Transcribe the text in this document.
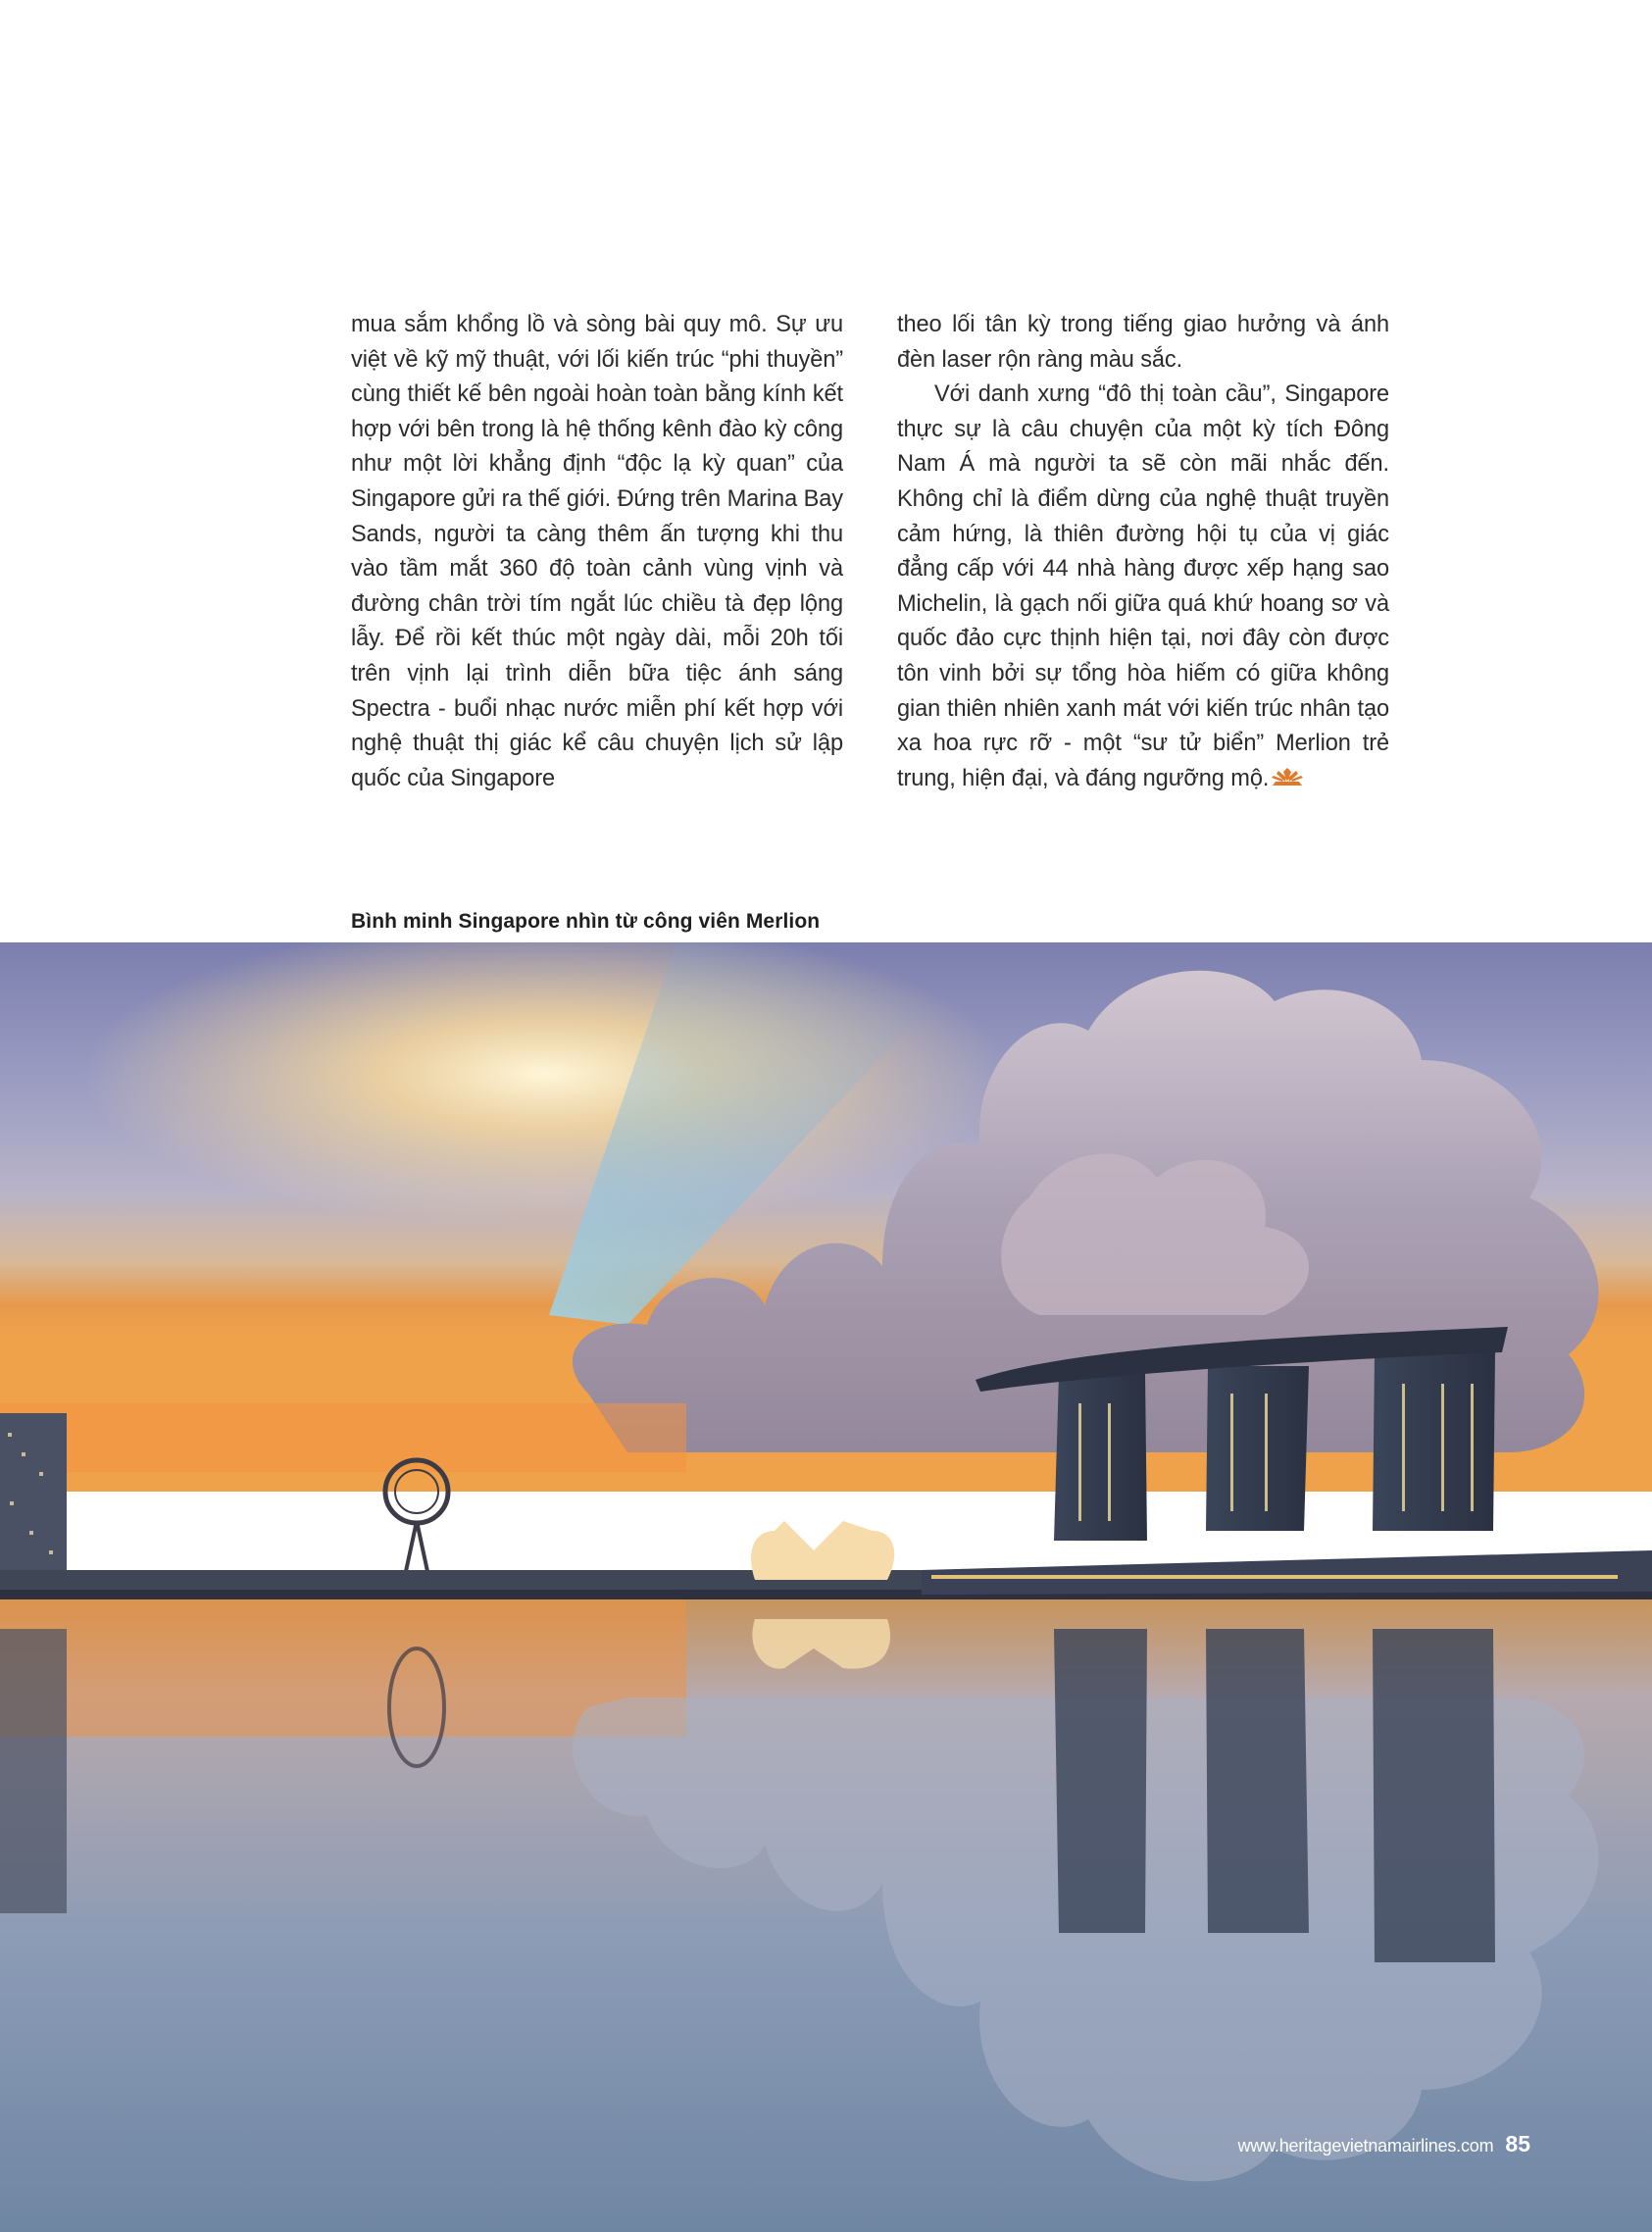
mua sắm khổng lồ và sòng bài quy mô. Sự ưu việt về kỹ mỹ thuật, với lối kiến trúc “phi thuyền” cùng thiết kế bên ngoài hoàn toàn bằng kính kết hợp với bên trong là hệ thống kênh đào kỳ công như một lời khẳng định “độc lạ kỳ quan” của Singapore gửi ra thế giới. Đứng trên Marina Bay Sands, người ta càng thêm ấn tượng khi thu vào tầm mắt 360 độ toàn cảnh vùng vịnh và đường chân trời tím ngắt lúc chiều tà đẹp lộng lẫy. Để rồi kết thúc một ngày dài, mỗi 20h tối trên vịnh lại trình diễn bữa tiệc ánh sáng Spectra - buổi nhạc nước miễn phí kết hợp với nghệ thuật thị giác kể câu chuyện lịch sử lập quốc của Singapore

theo lối tân kỳ trong tiếng giao hưởng và ánh đèn laser rộn ràng màu sắc.

Với danh xưng “đô thị toàn cầu”, Singapore thực sự là câu chuyện của một kỳ tích Đông Nam Á mà người ta sẽ còn mãi nhắc đến. Không chỉ là điểm dừng của nghệ thuật truyền cảm hứng, là thiên đường hội tụ của vị giác đẳng cấp với 44 nhà hàng được xếp hạng sao Michelin, là gạch nối giữa quá khứ hoang sơ và quốc đảo cực thịnh hiện tại, nơi đây còn được tôn vinh bởi sự tổng hòa hiếm có giữa không gian thiên nhiên xanh mát với kiến trúc nhân tạo xa hoa rực rỡ - một “sư tử biển” Merlion trẻ trung, hiện đại, và đáng ngưỡng mộ.

Bình minh Singapore nhìn từ công viên Merlion
www.heritagevietnamairlines.com 85
